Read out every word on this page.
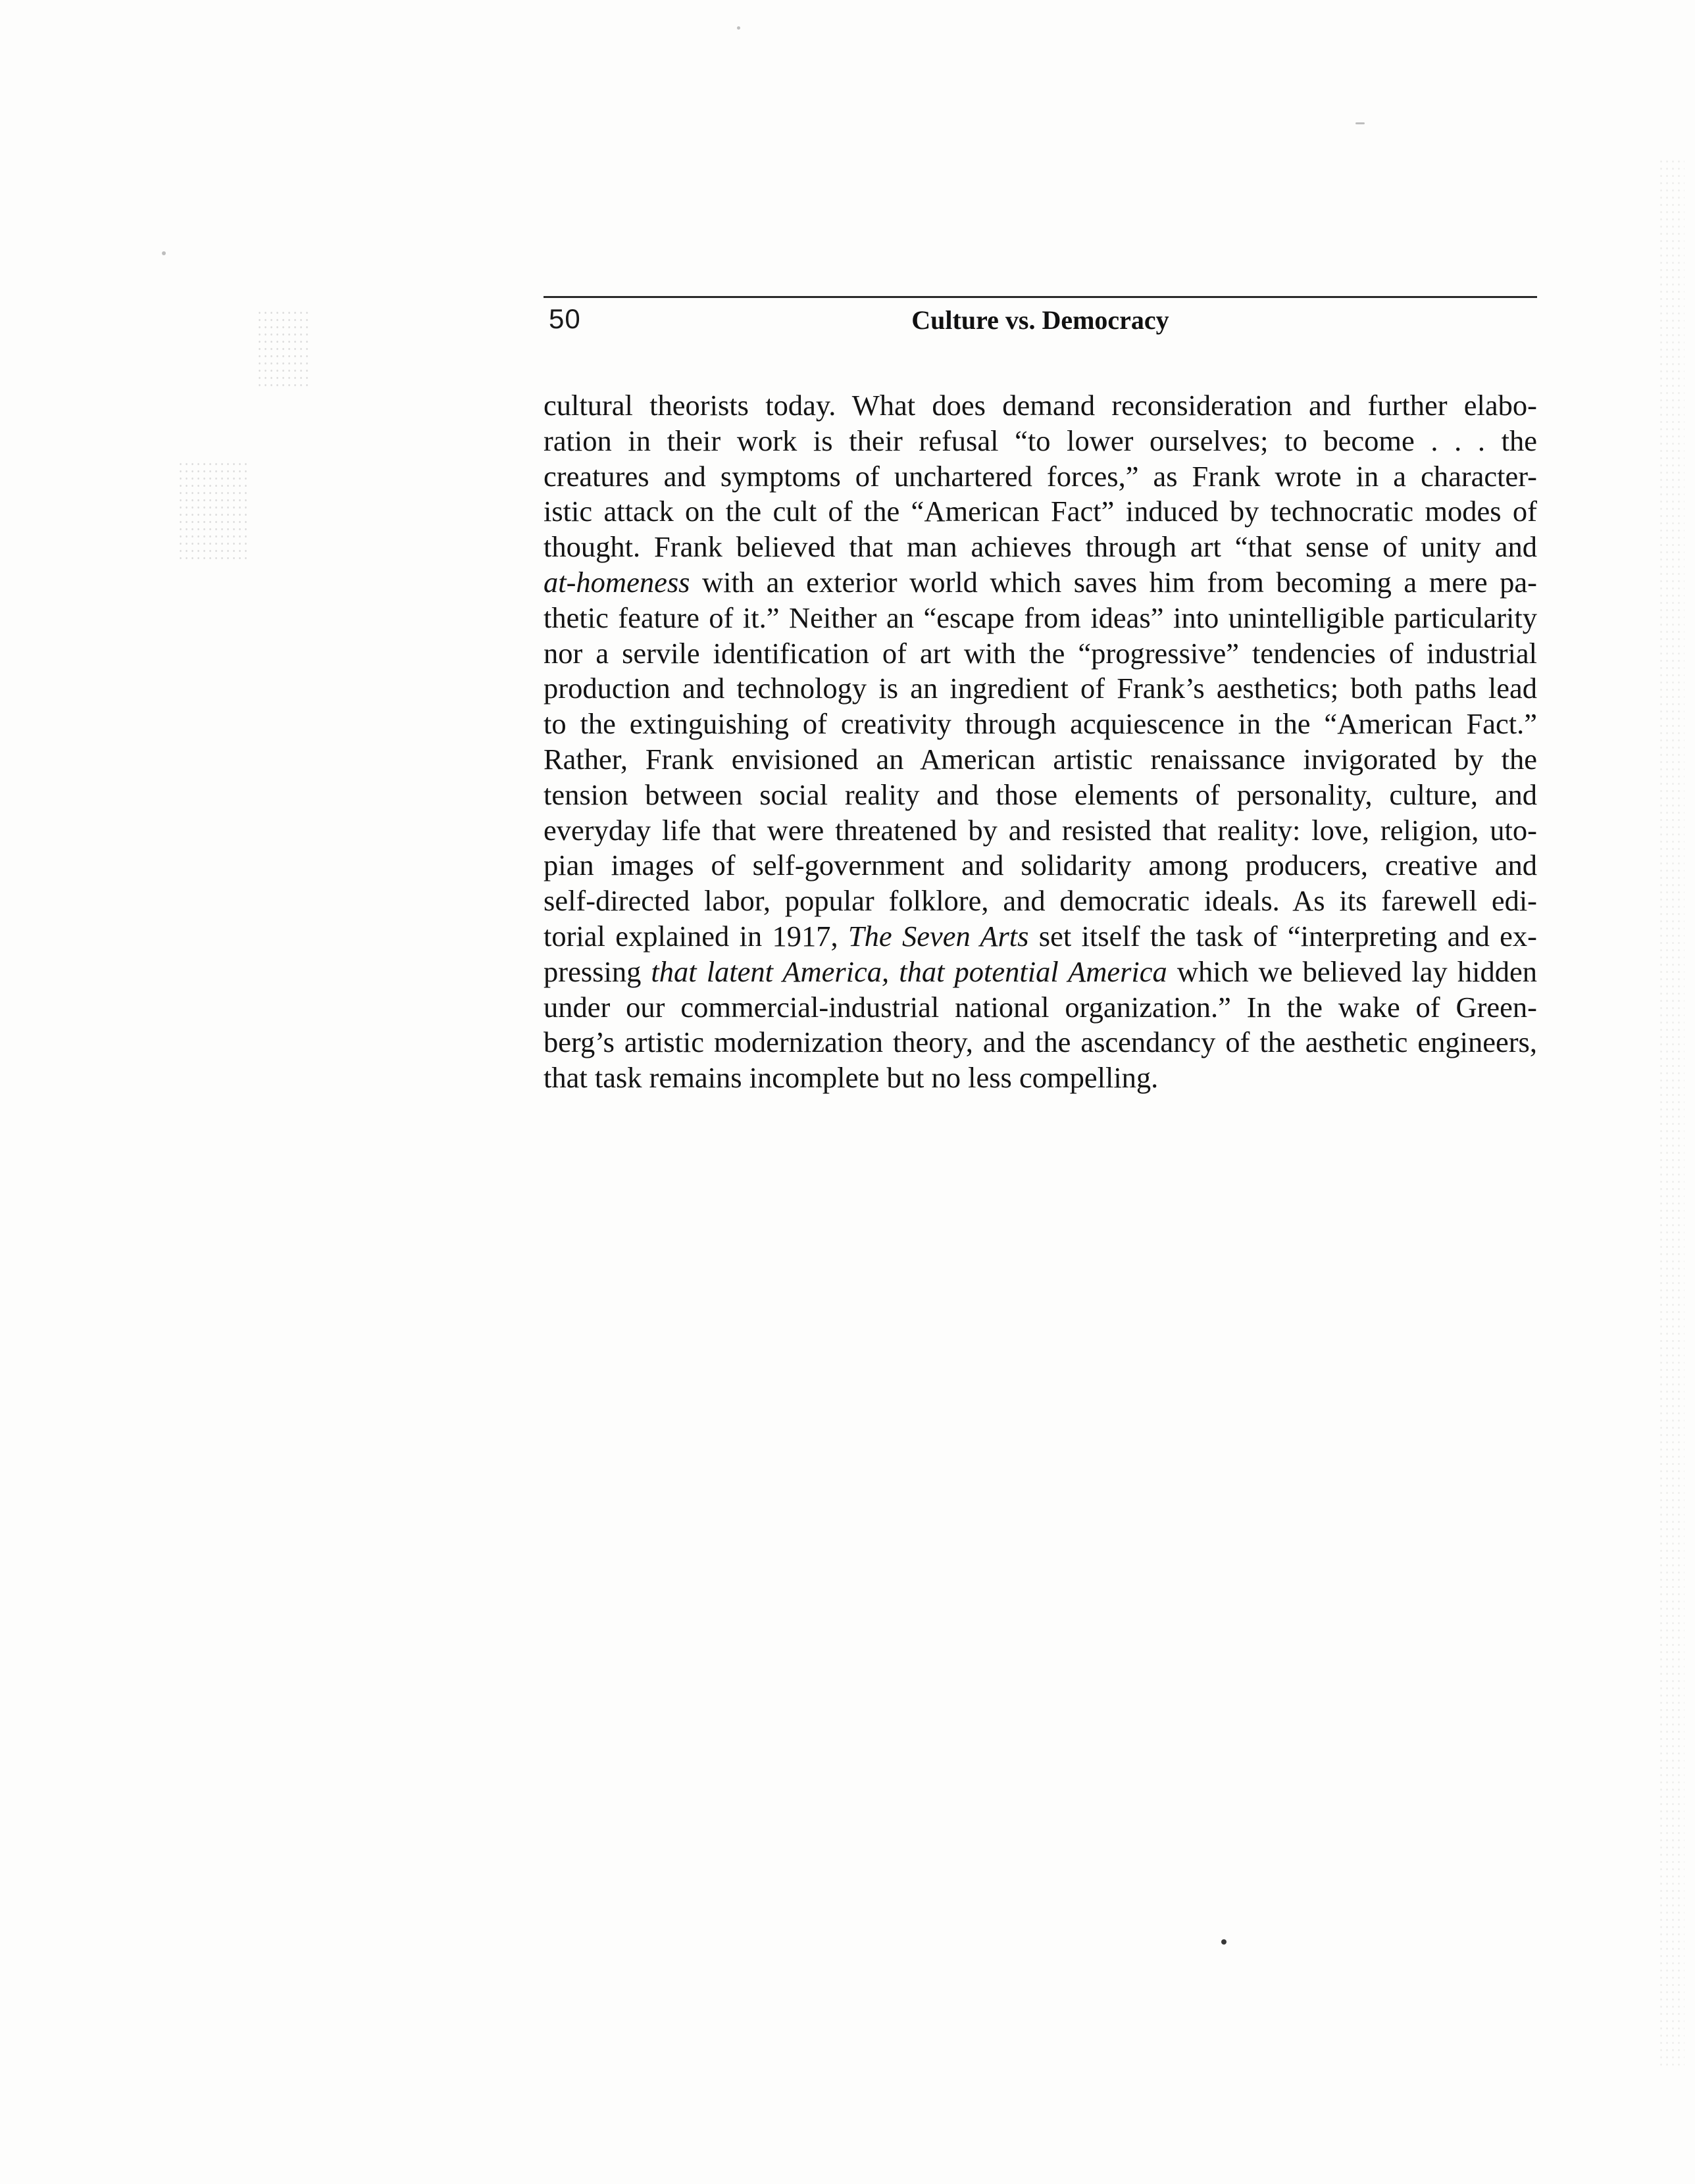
50	Culture vs. Democracy
cultural theorists today. What does demand reconsideration and further elabo-
ration in their work is their refusal “to lower ourselves; to become . . . the
creatures and symptoms of unchartered forces,” as Frank wrote in a character-
istic attack on the cult of the “American Fact” induced by technocratic modes of
thought. Frank believed that man achieves through art “that sense of unity and
at-homeness with an exterior world which saves him from becoming a mere pa-
thetic feature of it.” Neither an “escape from ideas” into unintelligible particularity
nor a servile identification of art with the “progressive” tendencies of industrial
production and technology is an ingredient of Frank’s aesthetics; both paths lead
to the extinguishing of creativity through acquiescence in the “American Fact.”
Rather, Frank envisioned an American artistic renaissance invigorated by the
tension between social reality and those elements of personality, culture, and
everyday life that were threatened by and resisted that reality: love, religion, uto-
pian images of self-government and solidarity among producers, creative and
self-directed labor, popular folklore, and democratic ideals. As its farewell edi-
torial explained in 1917, The Seven Arts set itself the task of “interpreting and ex-
pressing that latent America, that potential America which we believed lay hidden
under our commercial-industrial national organization.” In the wake of Green-
berg’s artistic modernization theory, and the ascendancy of the aesthetic engineers,
that task remains incomplete but no less compelling.
